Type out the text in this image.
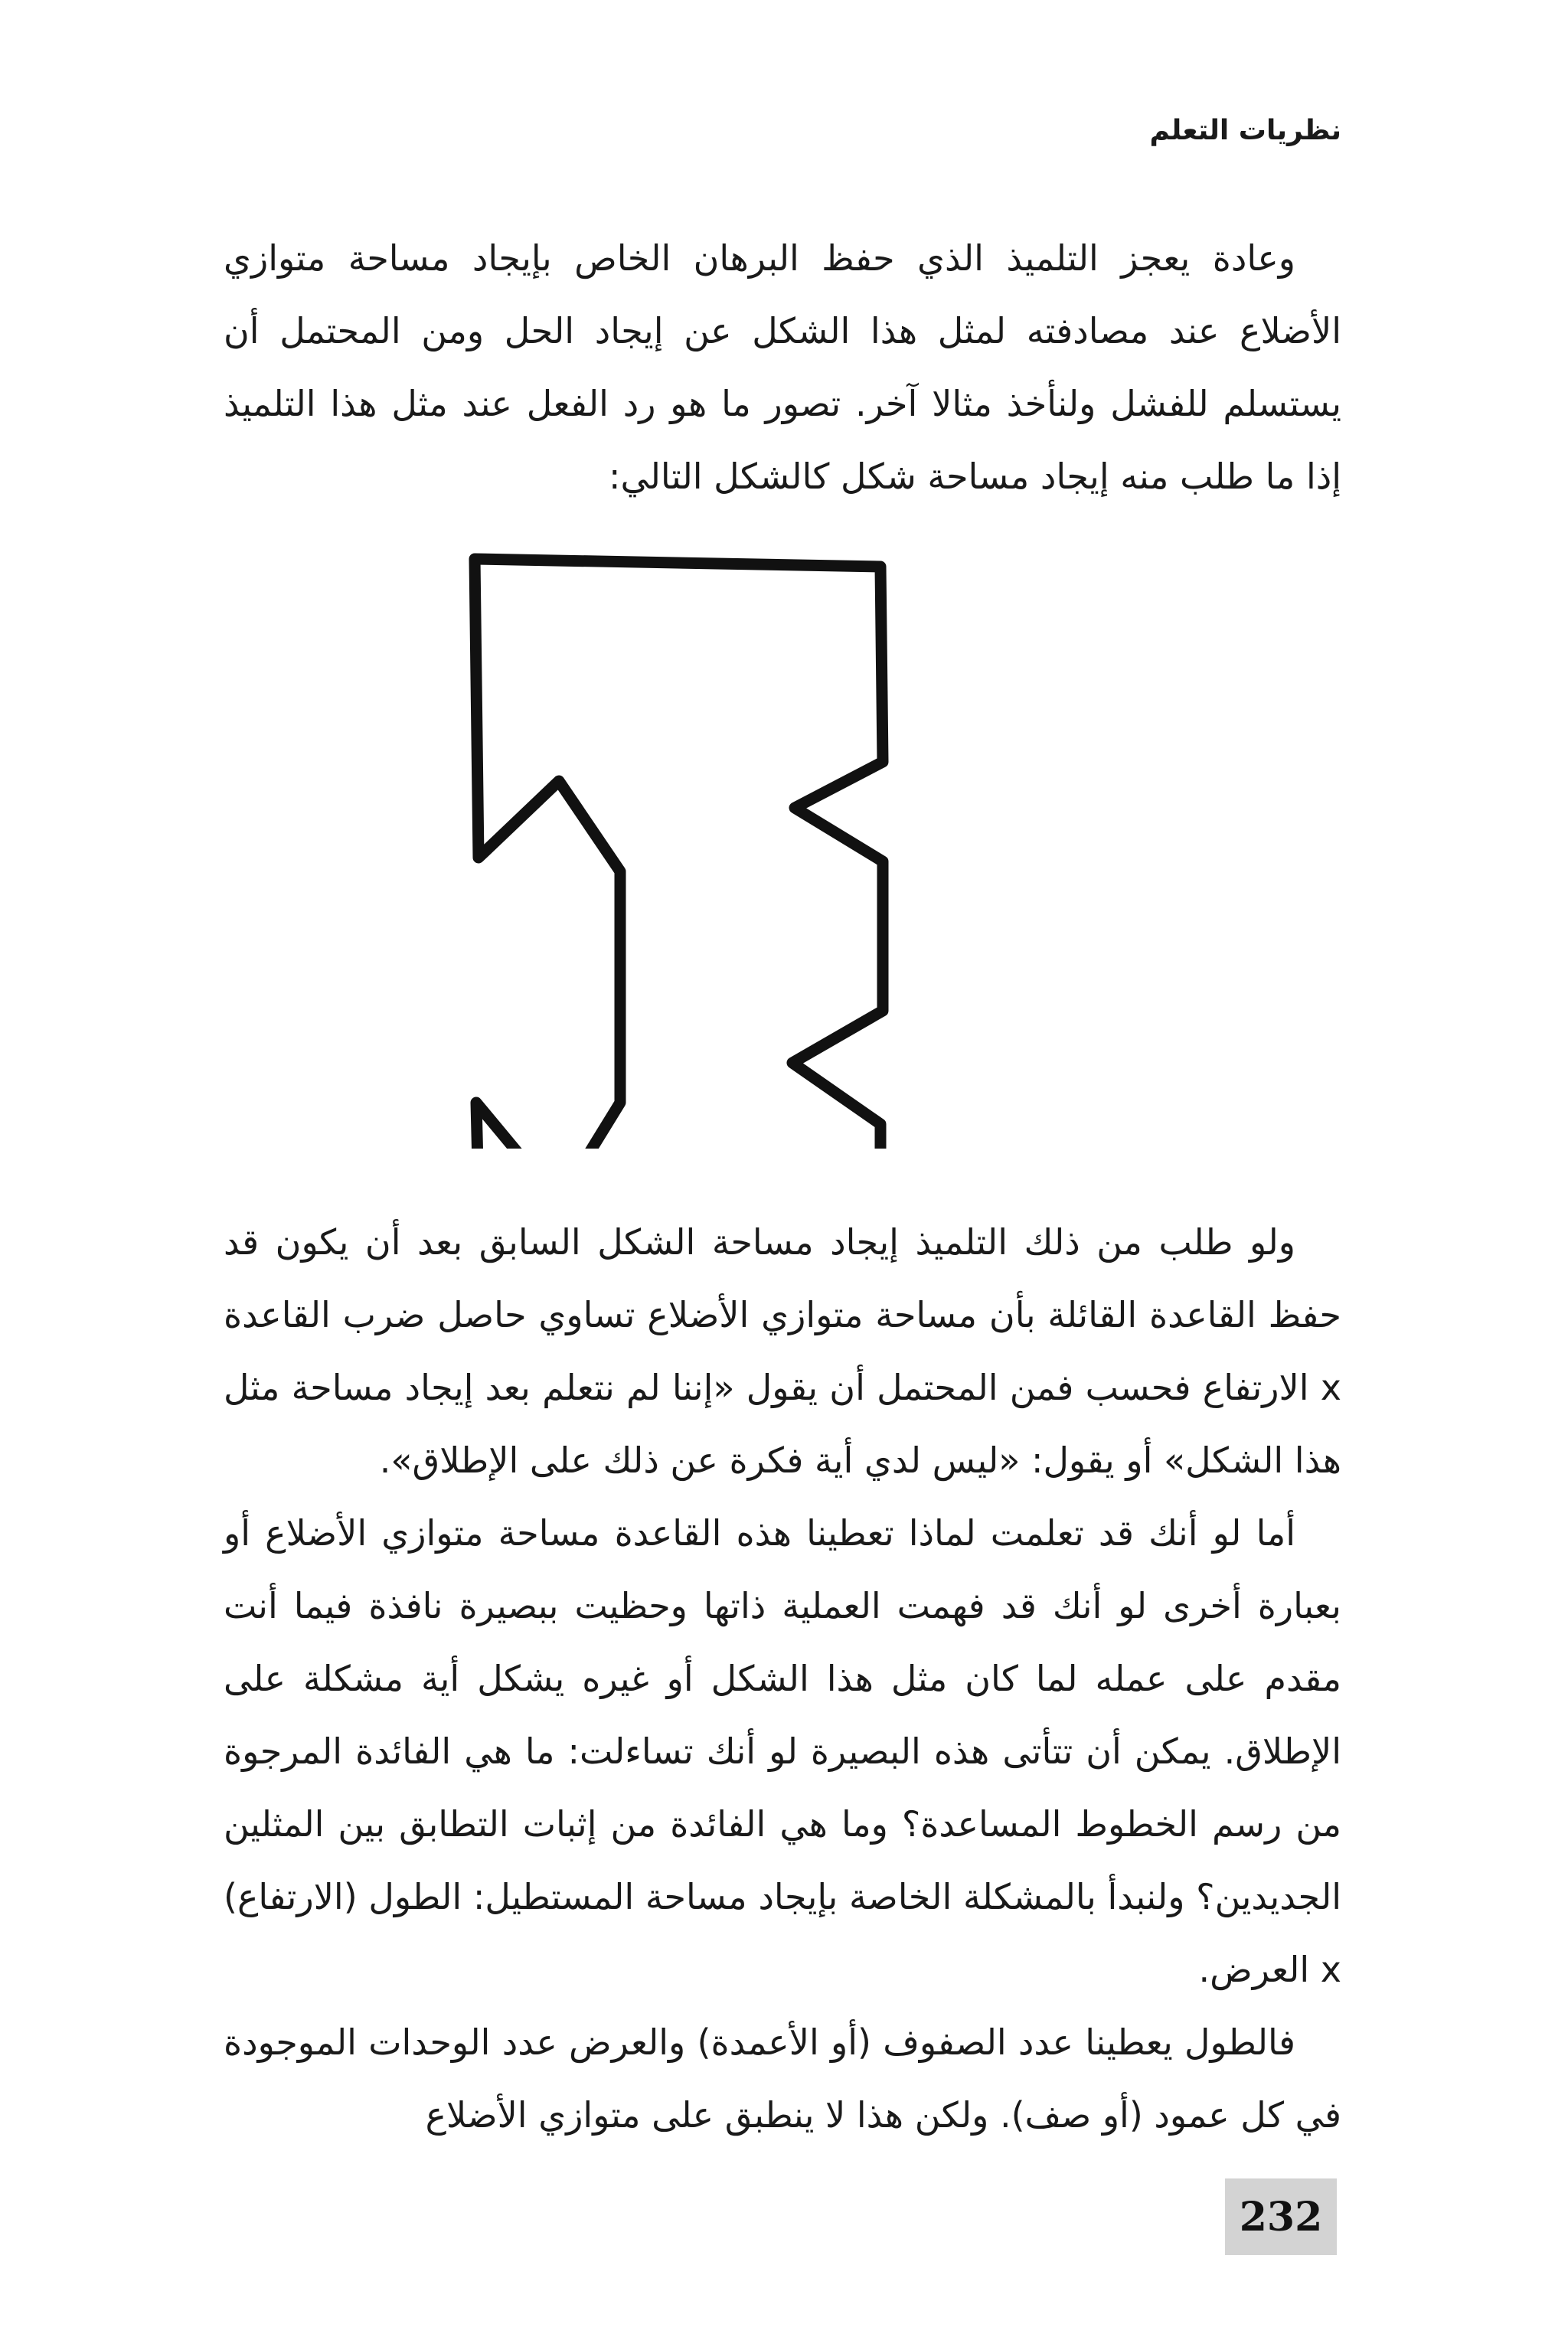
نظريات التعلم

وعادة يعجز التلميذ الذي حفظ البرهان الخاص بإيجاد مساحة متوازي الأضلاع عند مصادفته لمثل هذا الشكل عن إيجاد الحل ومن المحتمل أن يستسلم للفشل ولنأخذ مثالا آخر. تصور ما هو رد الفعل عند مثل هذا التلميذ إذا ما طلب منه إيجاد مساحة شكل كالشكل التالي:

ولو طلب من ذلك التلميذ إيجاد مساحة الشكل السابق بعد أن يكون قد حفظ القاعدة القائلة بأن مساحة متوازي الأضلاع تساوي حاصل ضرب القاعدة x الارتفاع فحسب فمن المحتمل أن يقول «إننا لم نتعلم بعد إيجاد مساحة مثل هذا الشكل» أو يقول: «ليس لدي أية فكرة عن ذلك على الإطلاق».

أما لو أنك قد تعلمت لماذا تعطينا هذه القاعدة مساحة متوازي الأضلاع أو بعبارة أخرى لو أنك قد فهمت العملية ذاتها وحظيت ببصيرة نافذة فيما أنت مقدم على عمله لما كان مثل هذا الشكل أو غيره يشكل أية مشكلة على الإطلاق. يمكن أن تتأتى هذه البصيرة لو أنك تساءلت: ما هي الفائدة المرجوة من رسم الخطوط المساعدة؟ وما هي الفائدة من إثبات التطابق بين المثلين الجديدين؟ ولنبدأ بالمشكلة الخاصة بإيجاد مساحة المستطيل: الطول (الارتفاع) x العرض.

فالطول يعطينا عدد الصفوف (أو الأعمدة) والعرض عدد الوحدات الموجودة في كل عمود (أو صف). ولكن هذا لا ينطبق على متوازي الأضلاع

232
